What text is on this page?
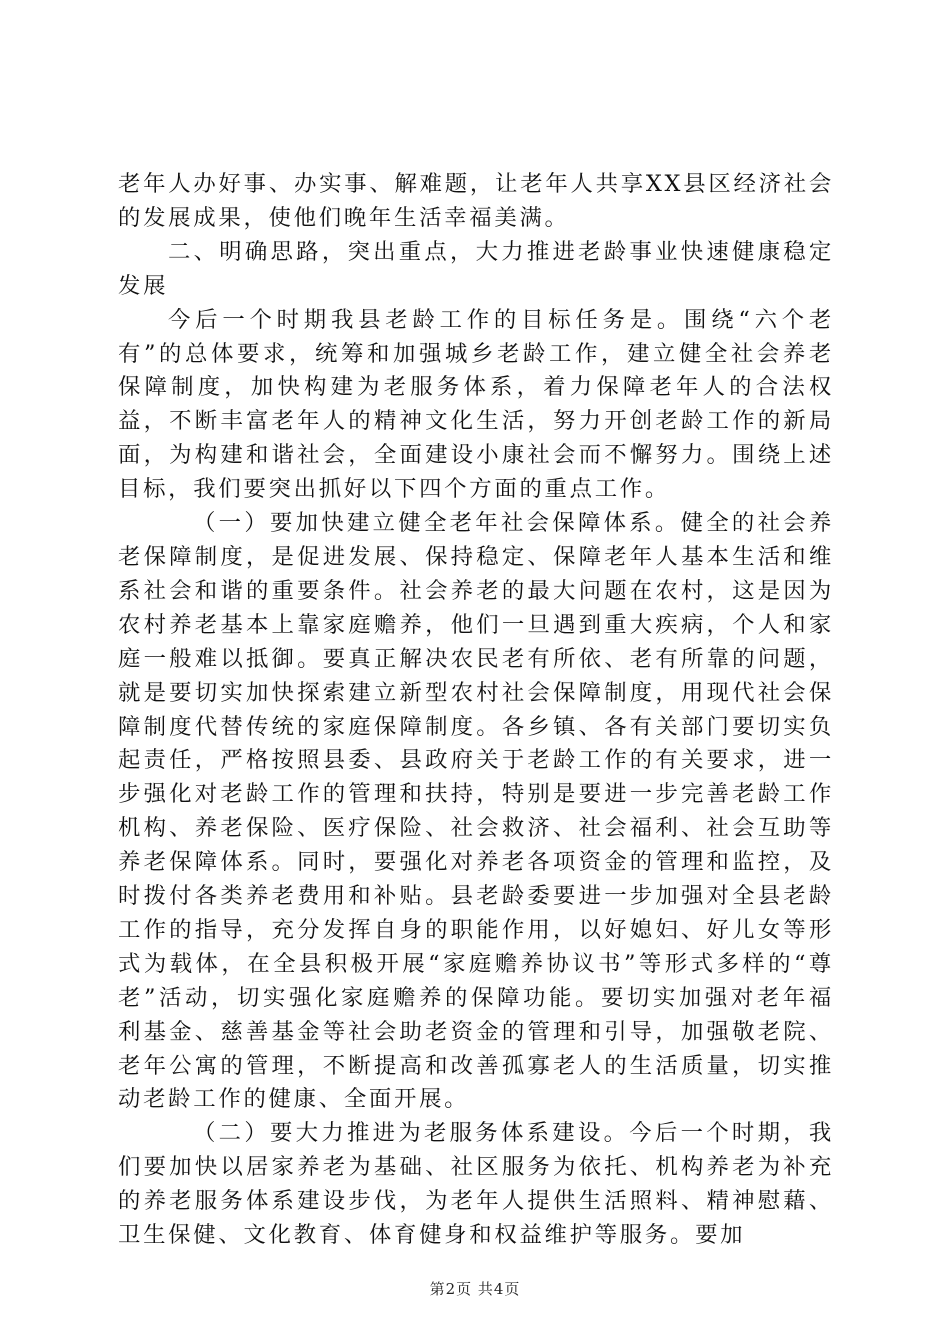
老年人办好事、办实事、解难题，让老年人共享XX县区经济社会的发展成果，使他们晚年生活幸福美满。

二、明确思路，突出重点，大力推进老龄事业快速健康稳定发展

今后一个时期我县老龄工作的目标任务是。围绕“六个老有”的总体要求，统筹和加强城乡老龄工作，建立健全社会养老保障制度，加快构建为老服务体系，着力保障老年人的合法权益，不断丰富老年人的精神文化生活，努力开创老龄工作的新局面，为构建和谐社会，全面建设小康社会而不懈努力。围绕上述目标，我们要突出抓好以下四个方面的重点工作。

（一）要加快建立健全老年社会保障体系。健全的社会养老保障制度，是促进发展、保持稳定、保障老年人基本生活和维系社会和谐的重要条件。社会养老的最大问题在农村，这是因为农村养老基本上靠家庭赡养，他们一旦遇到重大疾病，个人和家庭一般难以抵御。要真正解决农民老有所依、老有所靠的问题，就是要切实加快探索建立新型农村社会保障制度，用现代社会保障制度代替传统的家庭保障制度。各乡镇、各有关部门要切实负起责任，严格按照县委、县政府关于老龄工作的有关要求，进一步强化对老龄工作的管理和扶持，特别是要进一步完善老龄工作机构、养老保险、医疗保险、社会救济、社会福利、社会互助等养老保障体系。同时，要强化对养老各项资金的管理和监控，及时拨付各类养老费用和补贴。县老龄委要进一步加强对全县老龄工作的指导，充分发挥自身的职能作用，以好媳妇、好儿女等形式为载体，在全县积极开展“家庭赡养协议书”等形式多样的“尊老”活动，切实强化家庭赡养的保障功能。要切实加强对老年福利基金、慈善基金等社会助老资金的管理和引导，加强敬老院、老年公寓的管理，不断提高和改善孤寡老人的生活质量，切实推动老龄工作的健康、全面开展。

（二）要大力推进为老服务体系建设。今后一个时期，我们要加快以居家养老为基础、社区服务为依托、机构养老为补充的养老服务体系建设步伐，为老年人提供生活照料、精神慰藉、卫生保健、文化教育、体育健身和权益维护等服务。要加

第2页 共4页
